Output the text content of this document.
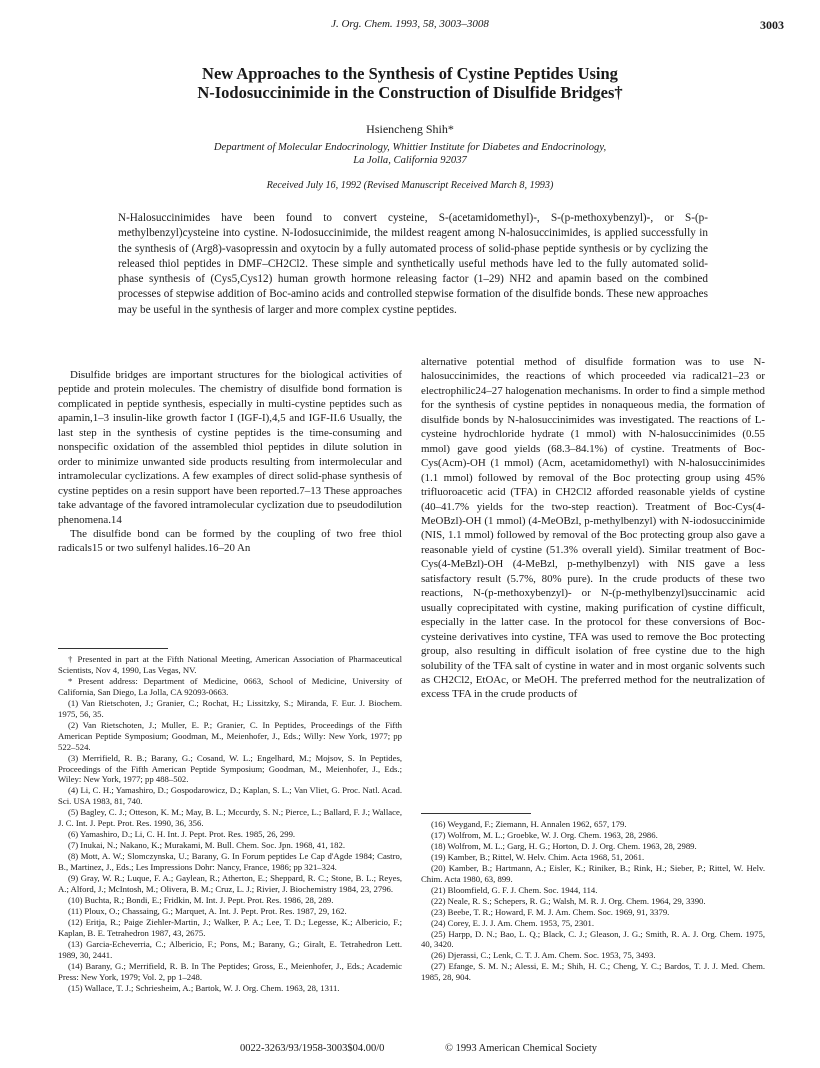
J. Org. Chem. 1993, 58, 3003–3008	3003
New Approaches to the Synthesis of Cystine Peptides Using
N-Iodosuccinimide in the Construction of Disulfide Bridges†
Hsiencheng Shih*
Department of Molecular Endocrinology, Whittier Institute for Diabetes and Endocrinology,
La Jolla, California 92037
Received July 16, 1992 (Revised Manuscript Received March 8, 1993)
N-Halosuccinimides have been found to convert cysteine, S-(acetamidomethyl)-, S-(p-methoxybenzyl)-, or S-(p-methylbenzyl)cysteine into cystine. N-Iodosuccinimide, the mildest reagent among N-halosuccinimides, is applied successfully in the synthesis of (Arg8)-vasopressin and oxytocin by a fully automated process of solid-phase peptide synthesis or by cyclizing the released thiol peptides in DMF–CH2Cl2. These simple and synthetically useful methods have led to the fully automated solid-phase synthesis of (Cys5,Cys12) human growth hormone releasing factor (1–29) NH2 and apamin based on the combined processes of stepwise addition of Boc-amino acids and controlled stepwise formation of the disulfide bonds. These new approaches may be useful in the synthesis of larger and more complex cystine peptides.

Disulfide bridges are important structures for the biological activities of peptide and protein molecules. The chemistry of disulfide bond formation is complicated in peptide synthesis, especially in multi-cystine peptides such as apamin,1–3 insulin-like growth factor I (IGF-I),4,5 and IGF-II.6 Usually, the last step in the synthesis of cystine peptides is the time-consuming and nonspecific oxidation of the assembled thiol peptides in dilute solution in order to minimize unwanted side products resulting from intermolecular and intramolecular cyclizations. A few examples of direct solid-phase synthesis of cystine peptides on a resin support have been reported.7–13 These approaches take advantage of the favored intramolecular cyclization due to pseudodilution phenomena.14

The disulfide bond can be formed by the coupling of two free thiol radicals15 or two sulfenyl halides.16–20 An

† Presented in part at the Fifth National Meeting, American Association of Pharmaceutical Scientists, Nov 4, 1990, Las Vegas, NV.

* Present address: Department of Medicine, 0663, School of Medicine, University of California, San Diego, La Jolla, CA 92093-0663.

(1) Van Rietschoten, J.; Granier, C.; Rochat, H.; Lissitzky, S.; Miranda, F. Eur. J. Biochem. 1975, 56, 35.

(2) Van Rietschoten, J.; Muller, E. P.; Granier, C. In Peptides, Proceedings of the Fifth American Peptide Symposium; Goodman, M., Meienhofer, J., Eds.; Willy: New York, 1977; pp 522–524.

(3) Merrifield, R. B.; Barany, G.; Cosand, W. L.; Engelhard, M.; Mojsov, S. In Peptides, Proceedings of the Fifth American Peptide Symposium; Goodman, M., Meienhofer, J., Eds.; Wiley: New York, 1977; pp 488–502.

(4) Li, C. H.; Yamashiro, D.; Gospodarowicz, D.; Kaplan, S. L.; Van Vliet, G. Proc. Natl. Acad. Sci. USA 1983, 81, 740.

(5) Bagley, C. J.; Otteson, K. M.; May, B. L.; Mccurdy, S. N.; Pierce, L.; Ballard, F. J.; Wallace, J. C. Int. J. Pept. Prot. Res. 1990, 36, 356.

(6) Yamashiro, D.; Li, C. H. Int. J. Pept. Prot. Res. 1985, 26, 299.

(7) Inukai, N.; Nakano, K.; Murakami, M. Bull. Chem. Soc. Jpn. 1968, 41, 182.

(8) Mott, A. W.; Slomczynska, U.; Barany, G. In Forum peptides Le Cap d'Agde 1984; Castro, B., Martinez, J., Eds.; Les Impressions Dohr: Nancy, France, 1986; pp 321–324.

(9) Gray, W. R.; Luque, F. A.; Gaylean, R.; Atherton, E.; Sheppard, R. C.; Stone, B. L.; Reyes, A.; Alford, J.; McIntosh, M.; Olivera, B. M.; Cruz, L. J.; Rivier, J. Biochemistry 1984, 23, 2796.

(10) Buchta, R.; Bondi, E.; Fridkin, M. Int. J. Pept. Prot. Res. 1986, 28, 289.

(11) Ploux, O.; Chassaing, G.; Marquet, A. Int. J. Pept. Prot. Res. 1987, 29, 162.

(12) Eritja, R.; Paige Ziehler-Martin, J.; Walker, P. A.; Lee, T. D.; Legesse, K.; Albericio, F.; Kaplan, B. E. Tetrahedron 1987, 43, 2675.

(13) Garcia-Echeverria, C.; Albericio, F.; Pons, M.; Barany, G.; Giralt, E. Tetrahedron Lett. 1989, 30, 2441.

(14) Barany, G.; Merrifield, R. B. In The Peptides; Gross, E., Meienhofer, J., Eds.; Academic Press: New York, 1979; Vol. 2, pp 1–248.

(15) Wallace, T. J.; Schriesheim, A.; Bartok, W. J. Org. Chem. 1963, 28, 1311.

alternative potential method of disulfide formation was to use N-halosuccinimides, the reactions of which proceeded via radical21–23 or electrophilic24–27 halogenation mechanisms. In order to find a simple method for the synthesis of cystine peptides in nonaqueous media, the formation of disulfide bonds by N-halosuccinimides was investigated. The reactions of L-cysteine hydrochloride hydrate (1 mmol) with N-halosuccinimides (0.55 mmol) gave good yields (68.3–84.1%) of cystine. Treatments of Boc-Cys(Acm)-OH (1 mmol) (Acm, acetamidomethyl) with N-halosuccinimides (1.1 mmol) followed by removal of the Boc protecting group using 45% trifluoroacetic acid (TFA) in CH2Cl2 afforded reasonable yields of cystine (40–41.7% yields for the two-step reaction). Treatment of Boc-Cys(4-MeOBzl)-OH (1 mmol) (4-MeOBzl, p-methylbenzyl) with N-iodosuccinimide (NIS, 1.1 mmol) followed by removal of the Boc protecting group also gave a reasonable yield of cystine (51.3% overall yield). Similar treatment of Boc-Cys(4-MeBzl)-OH (4-MeBzl, p-methylbenzyl) with NIS gave a less satisfactory result (5.7%, 80% pure). In the crude products of these two reactions, N-(p-methoxybenzyl)- or N-(p-methylbenzyl)succinamic acid usually coprecipitated with cystine, making purification of cystine difficult, especially in the latter case. In the protocol for these conversions of Boc-cysteine derivatives into cystine, TFA was used to remove the Boc protecting group, also resulting in difficult isolation of free cystine due to the high solubility of the TFA salt of cystine in water and in most organic solvents such as CH2Cl2, EtOAc, or MeOH. The preferred method for the neutralization of excess TFA in the crude products of

(16) Weygand, F.; Ziemann, H. Annalen 1962, 657, 179.

(17) Wolfrom, M. L.; Groebke, W. J. Org. Chem. 1963, 28, 2986.

(18) Wolfrom, M. L.; Garg, H. G.; Horton, D. J. Org. Chem. 1963, 28, 2989.

(19) Kamber, B.; Rittel, W. Helv. Chim. Acta 1968, 51, 2061.

(20) Kamber, B.; Hartmann, A.; Eisler, K.; Riniker, B.; Rink, H.; Sieber, P.; Rittel, W. Helv. Chim. Acta 1980, 63, 899.

(21) Bloomfield, G. F. J. Chem. Soc. 1944, 114.

(22) Neale, R. S.; Schepers, R. G.; Walsh, M. R. J. Org. Chem. 1964, 29, 3390.

(23) Beebe, T. R.; Howard, F. M. J. Am. Chem. Soc. 1969, 91, 3379.

(24) Corey, E. J. J. Am. Chem. 1953, 75, 2301.

(25) Harpp, D. N.; Bao, L. Q.; Black, C. J.; Gleason, J. G.; Smith, R. A. J. Org. Chem. 1975, 40, 3420.

(26) Djerassi, C.; Lenk, C. T. J. Am. Chem. Soc. 1953, 75, 3493.

(27) Efange, S. M. N.; Alessi, E. M.; Shih, H. C.; Cheng, Y. C.; Bardos, T. J. J. Med. Chem. 1985, 28, 904.

0022-3263/93/1958-3003$04.00/0	© 1993 American Chemical Society
